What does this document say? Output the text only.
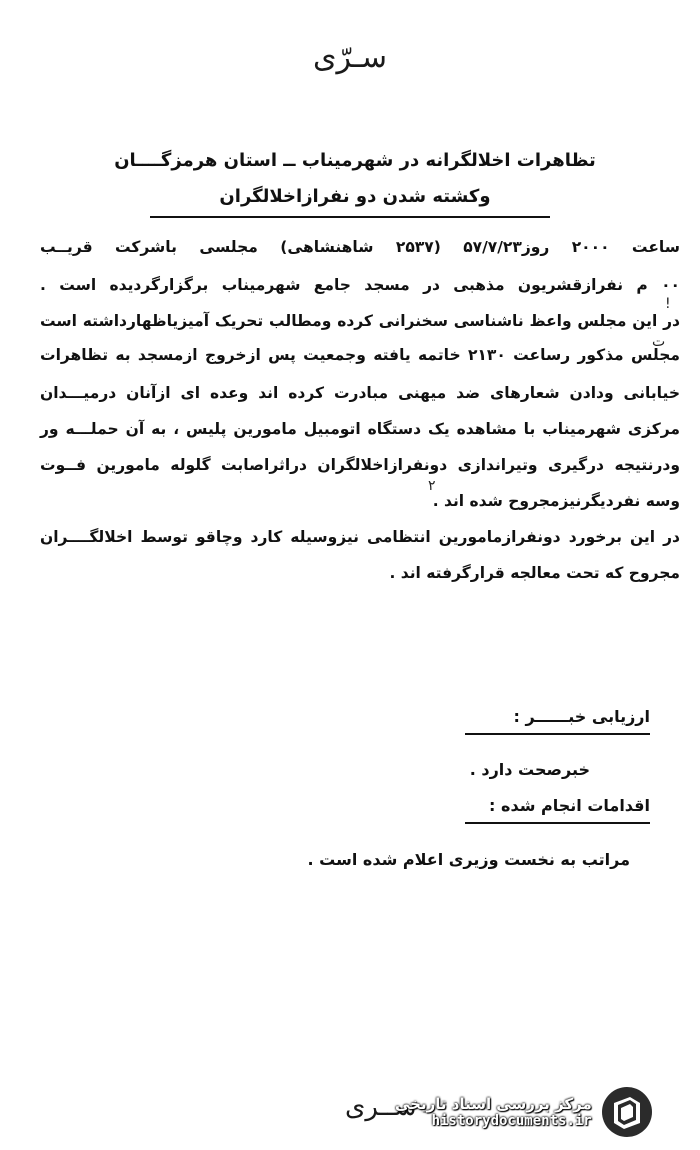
سـرّی
تظاهرات اخلالگرانه در شهرمیناب ــ استان هرمزگــــان
وکشته شدن دو نفرازاخلالگران
ساعت ۲۰۰۰ روز۵۷/۷/۲۳ (۲۵۳۷ شاهنشاهی) مجلسی باشرکت قریــب
۰۰ م نفرازقشریون مذهبی در مسجد جامع شهرمیناب برگزارگردیده است .
در این مجلس واعظ ناشناسی سخنرانی کرده ومطالب تحریک آمیزیاظهارداشته است
مجلس مذکور رساعت ۲۱۳۰ خاتمه یافته وجمعیت پس ازخروج ازمسجد به تظاهرات
خیابانی ودادن شعارهای ضد میهنی مبادرت کرده اند وعده ای ازآنان درمیـــدان
مرکزی شهرمیناب با مشاهده یک دستگاه اتومبیل مامورین پلیس ، به آن حملـــه ور
ودرنتیجه درگیری وتیراندازی دونفرازاخلالگران دراثراصابت گلوله مامورین فــوت
وسه نفردیگرنیزمجروح شده اند .
در این برخورد دونفرازمامورین انتظامی نیزوسیله کارد وچاقو توسط اخلالگــــران
مجروح که تحت معالجه قرارگرفته اند .
!
ت
۲
ارزیابی خبــــــر :
خبرصحت دارد .
اقدامات انجام شده :
مراتب به نخست وزیری اعلام شده است .
ســری
مرکز بررسی اسناد تاریخی
historydocuments.ir
